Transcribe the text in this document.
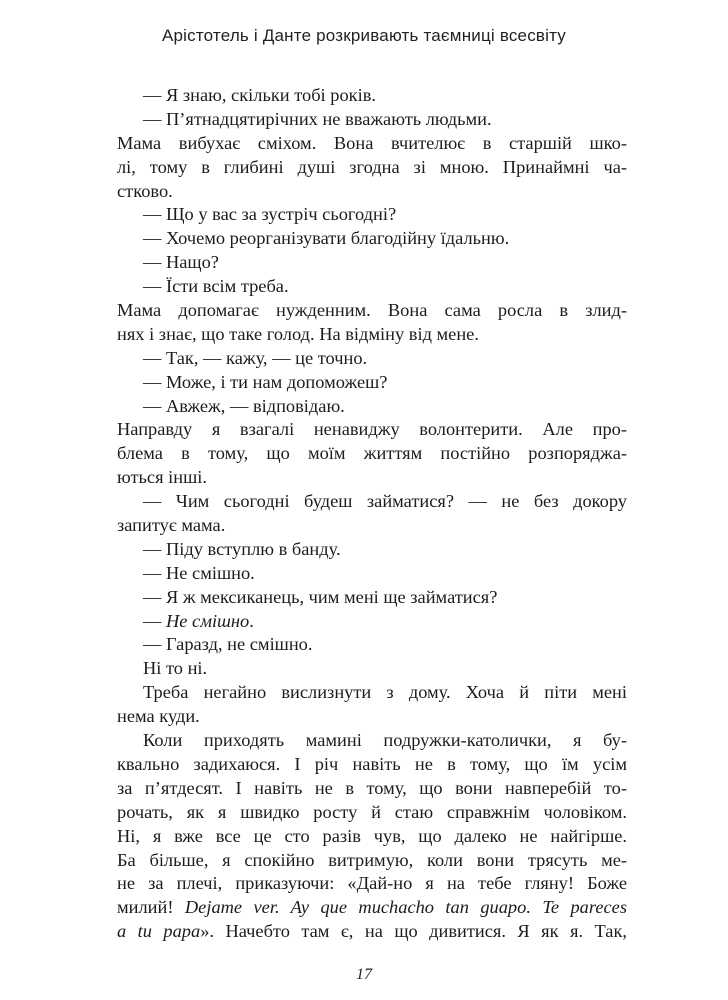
Арістотель і Данте розкривають таємниці всесвіту
— Я знаю, скільки тобі років.
— П’ятнадцятирічних не вважають людьми.
Мама вибухає сміхом. Вона вчителює в старшій шко-
лі, тому в глибині душі згодна зі мною. Принаймні ча-
стково.
— Що у вас за зустріч сьогодні?
— Хочемо реорганізувати благодійну їдальню.
— Нащо?
— Їсти всім треба.
Мама допомагає нужденним. Вона сама росла в злид-
нях і знає, що таке голод. На відміну від мене.
— Так, — кажу, — це точно.
— Може, і ти нам допоможеш?
— Авжеж, — відповідаю.
Направду я взагалі ненавиджу волонтерити. Але про-
блема в тому, що моїм життям постійно розпоряджа-
ються інші.
— Чим сьогодні будеш займатися? — не без докору
запитує мама.
— Піду вступлю в банду.
— Не смішно.
— Я ж мексиканець, чим мені ще займатися?
— Не смішно.
— Гаразд, не смішно.
Ні то ні.
Треба негайно вислизнути з дому. Хоча й піти мені
нема куди.
Коли приходять мамині подружки-католички, я бу-
квально задихаюся. І річ навіть не в тому, що їм усім
за п’ятдесят. І навіть не в тому, що вони навперебій то-
рочать, як я швидко росту й стаю справжнім чоловіком.
Ні, я вже все це сто разів чув, що далеко не найгірше.
Ба більше, я спокійно витримую, коли вони трясуть ме-
не за плечі, приказуючи: «Дай-но я на тебе гляну! Боже
милий! Dejame ver. Ay que muchacho tan guapo. Te pareces
a tu papa». Начебто там є, на що дивитися. Я як я. Так,
17
